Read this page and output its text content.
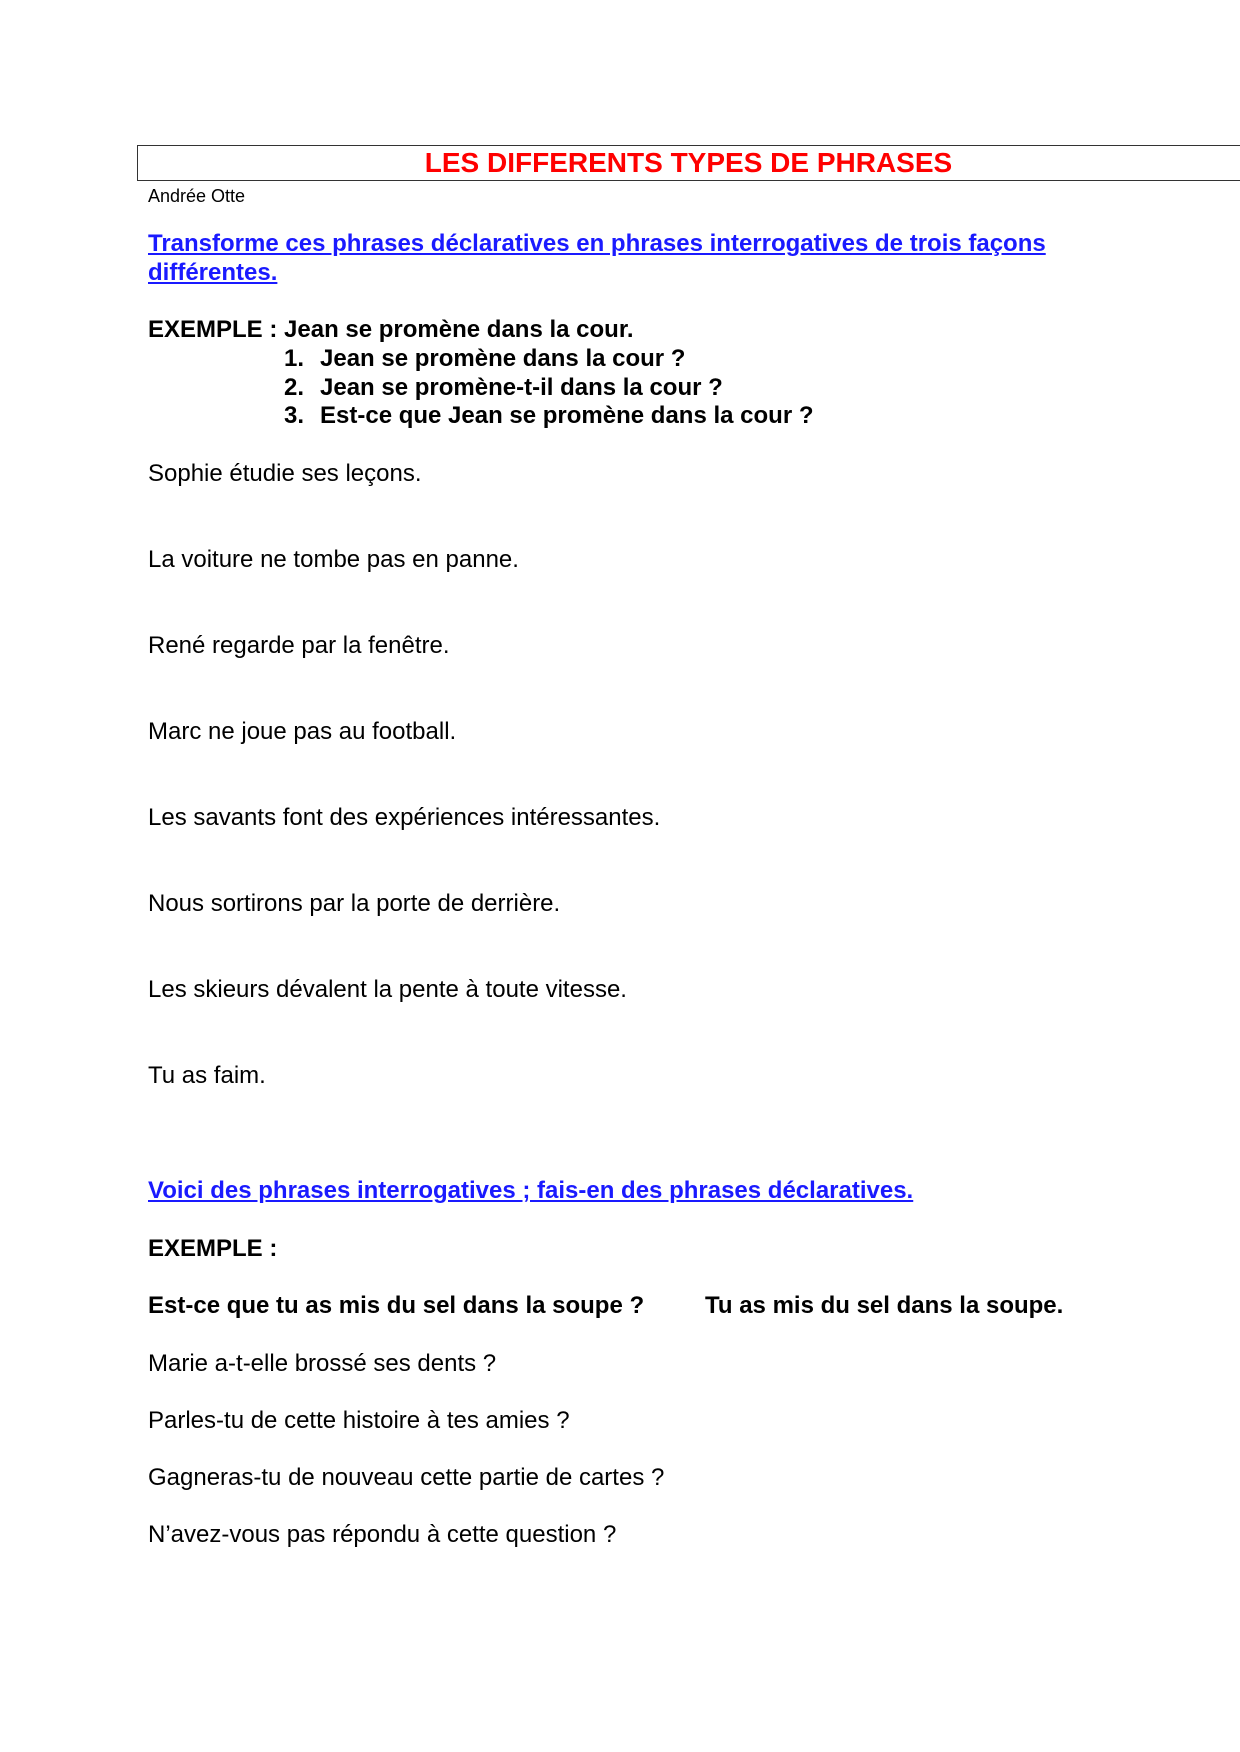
LES DIFFERENTS TYPES DE PHRASES

Andrée Otte

Transforme ces phrases déclaratives en phrases interrogatives de trois façons différentes.

EXEMPLE : Jean se promène dans la cour.

1. Jean se promène dans la cour ?

2. Jean se promène-t-il dans la cour ?

3. Est-ce que Jean se promène dans la cour ?

Sophie étudie ses leçons.

La voiture ne tombe pas en panne.

René regarde par la fenêtre.

Marc ne joue pas au football.

Les savants font des expériences intéressantes.

Nous sortirons par la porte de derrière.

Les skieurs dévalent la pente à toute vitesse.

Tu as faim.

Voici des phrases interrogatives ; fais-en des phrases déclaratives.

EXEMPLE :

Est-ce que tu as mis du sel dans la soupe ?	Tu as mis du sel dans la soupe.

Marie a-t-elle brossé ses dents ?

Parles-tu de cette histoire à tes amies ?

Gagneras-tu de nouveau cette partie de cartes ?

N’avez-vous pas répondu à cette question ?
